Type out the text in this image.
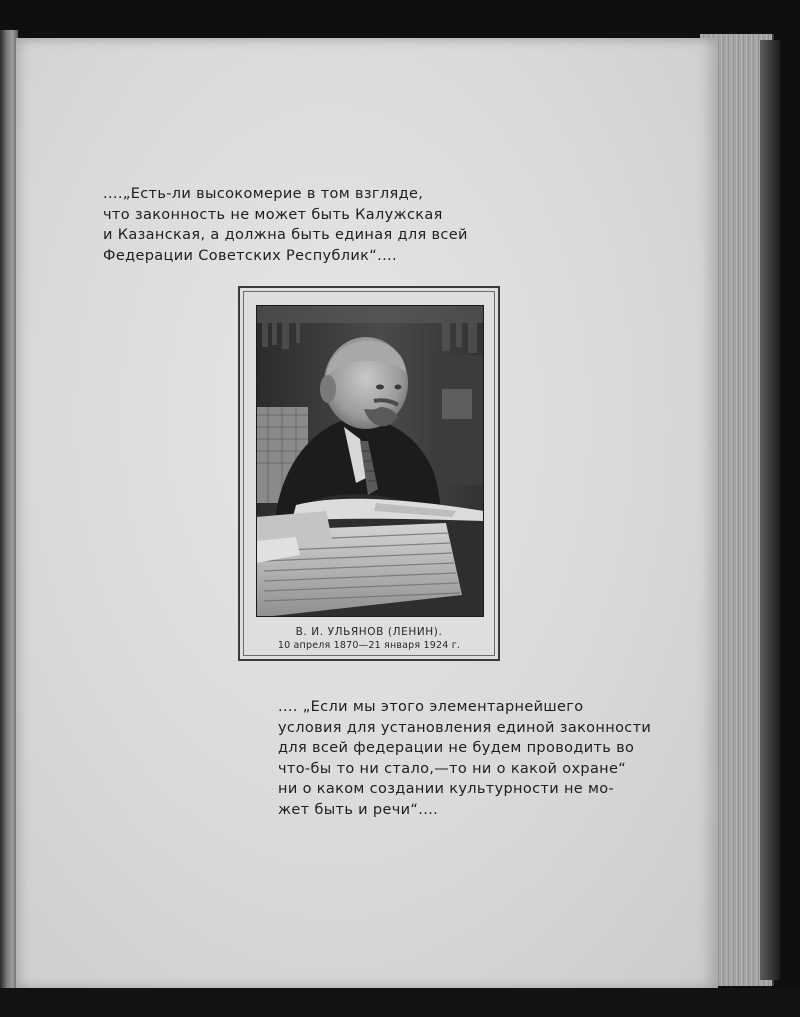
....„Есть-ли высокомерие в том взгляде,
что законность не может быть Калужская
и Казанская, а должна быть единая для всей
Федерации Советских Республик“....
В. И. УЛЬЯНОВ (ЛЕНИН).
10 апреля 1870—21 января 1924 г.
.... „Если мы этого элементарнейшего
условия для установления единой законности
для всей федерации не будем проводить во
что-бы то ни стало,—то ни о какой охране“
ни о каком создании культурности не мо-
жет быть и речи“....
